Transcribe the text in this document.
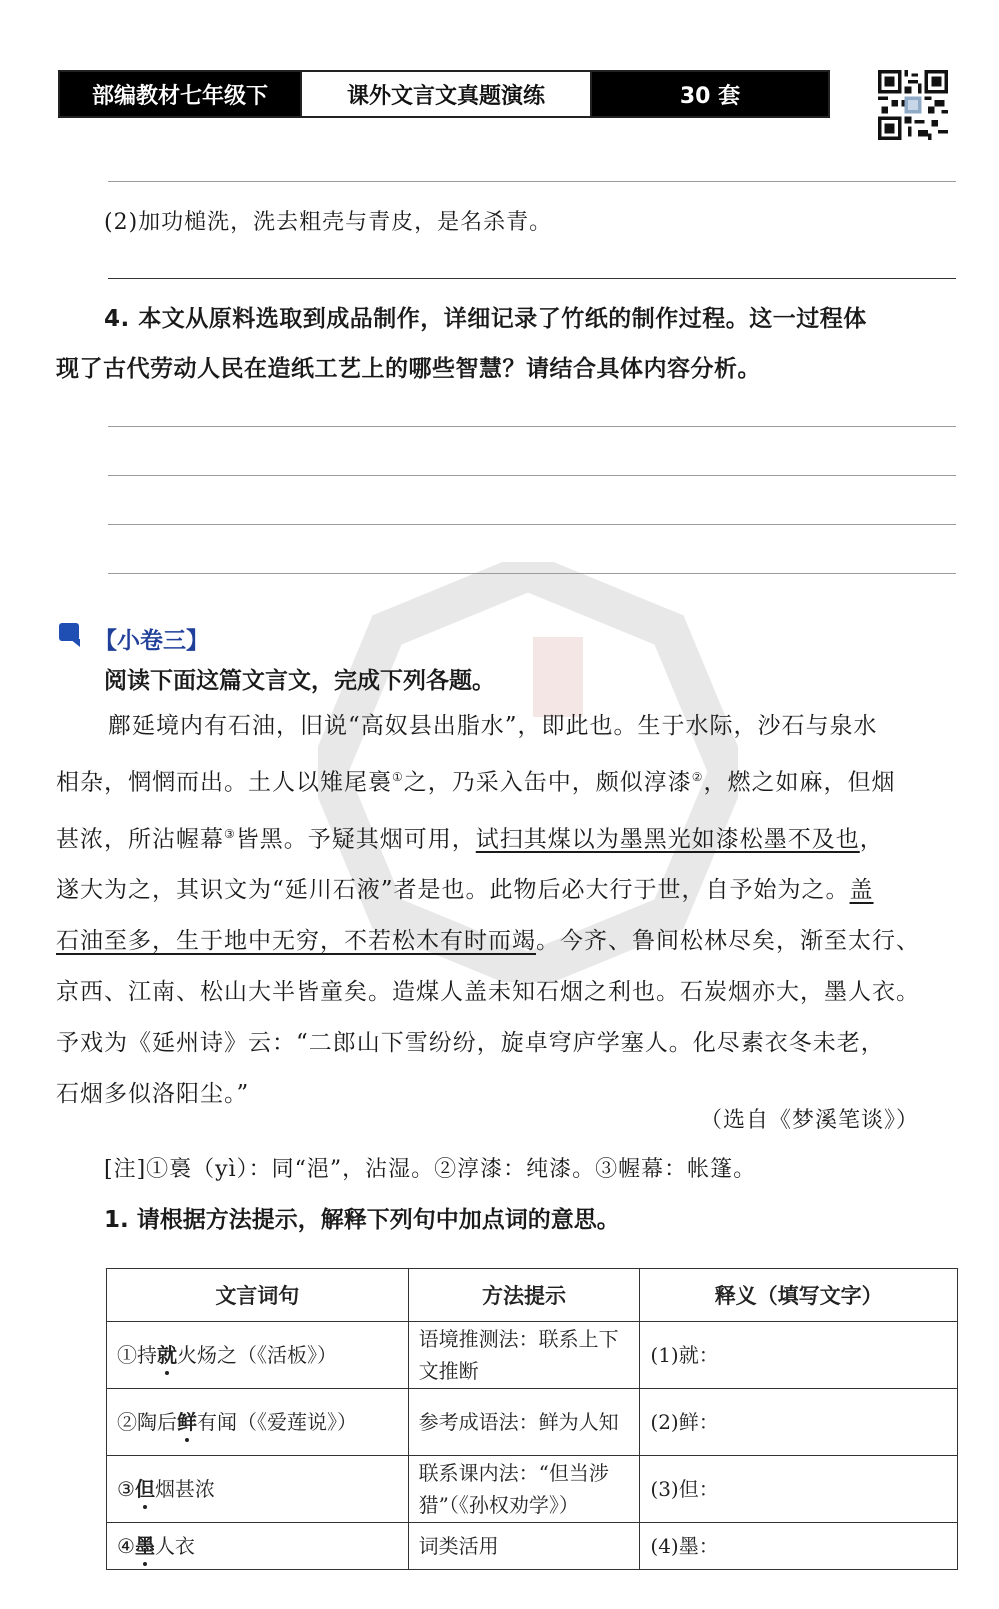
部编教材七年级下	课外文言文真题演练	30 套
(2)加功槌洗，洗去粗壳与青皮，是名杀青。
4. 本文从原料选取到成品制作，详细记录了竹纸的制作过程。这一过程体
现了古代劳动人民在造纸工艺上的哪些智慧？请结合具体内容分析。
【小卷三】
阅读下面这篇文言文，完成下列各题。
鄜延境内有石油，旧说“高奴县出脂水”，即此也。生于水际，沙石与泉水
相杂，惘惘而出。土人以雉尾裛①之，乃采入缶中，颇似淳漆②，燃之如麻，但烟
甚浓，所沾幄幕③皆黑。予疑其烟可用，试扫其煤以为墨黑光如漆松墨不及也，
遂大为之，其识文为“延川石液”者是也。此物后必大行于世，自予始为之。盖
石油至多，生于地中无穷，不若松木有时而竭。今齐、鲁间松林尽矣，渐至太行、
京西、江南、松山大半皆童矣。造煤人盖未知石烟之利也。石炭烟亦大，墨人衣。
予戏为《延州诗》云：“二郎山下雪纷纷，旋卓穹庐学塞人。化尽素衣冬未老，
石烟多似洛阳尘。”
（选自《梦溪笔谈》）
[注]①裛（yì）：同“浥”，沾湿。②淳漆：纯漆。③幄幕：帐篷。
1. 请根据方法提示，解释下列句中加点词的意思。
文言词句	方法提示	释义（填写文字）
①持就火炀之（《活板》）	语境推测法：联系上下文推断	(1)就：
②陶后鲜有闻（《爱莲说》）	参考成语法：鲜为人知	(2)鲜：
③但烟甚浓	联系课内法：“但当涉猎”（《孙权劝学》）	(3)但：
④墨人衣	词类活用	(4)墨：
